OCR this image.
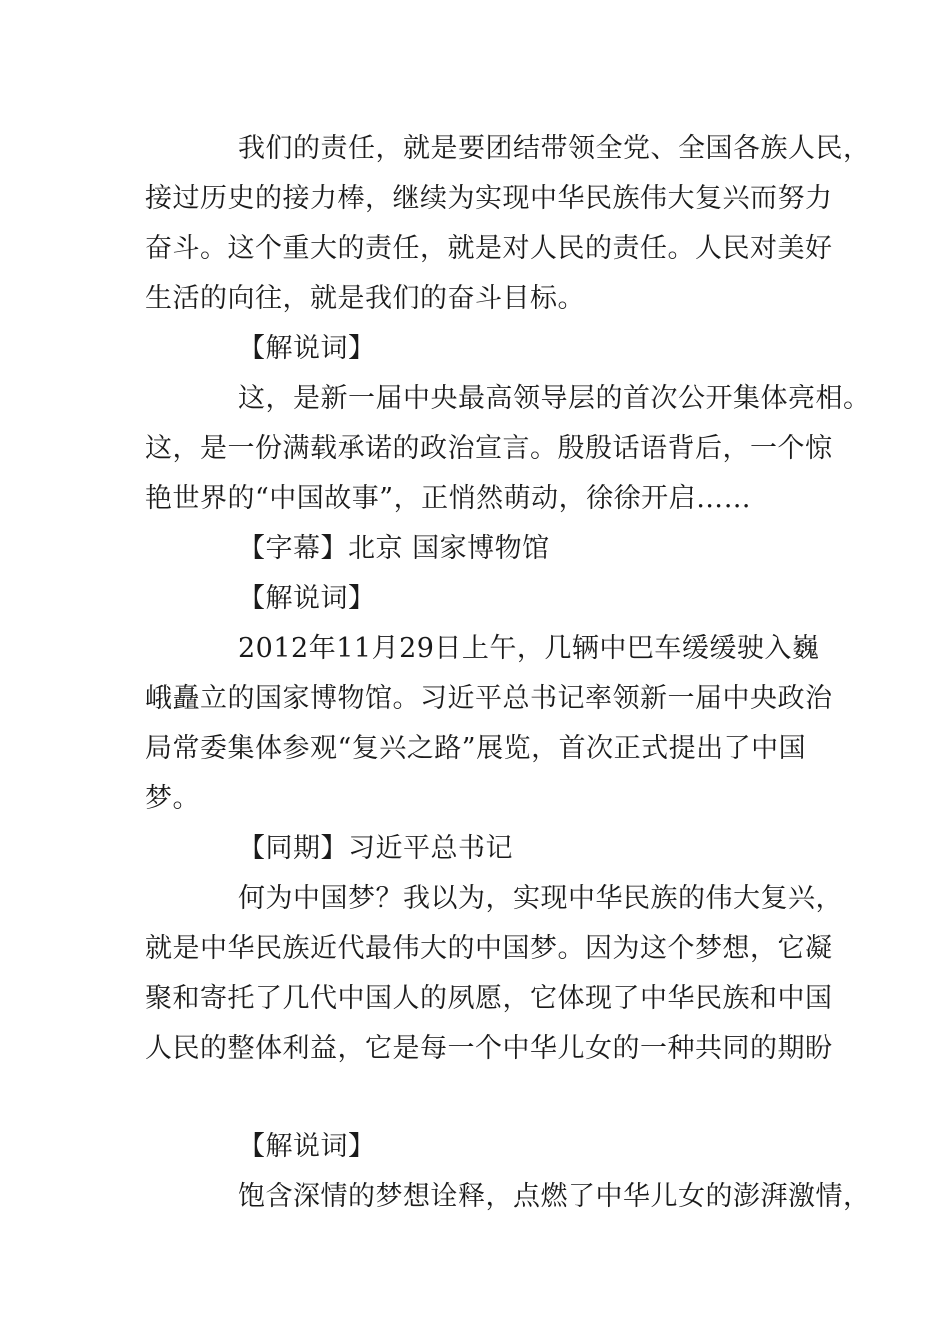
我们的责任，就是要团结带领全党、全国各族人民，
接过历史的接力棒，继续为实现中华民族伟大复兴而努力
奋斗。这个重大的责任，就是对人民的责任。人民对美好
生活的向往，就是我们的奋斗目标。
【解说词】
这，是新一届中央最高领导层的首次公开集体亮相。
这，是一份满载承诺的政治宣言。殷殷话语背后，一个惊
艳世界的“中国故事”，正悄然萌动，徐徐开启……
【字幕】北京 国家博物馆
【解说词】
2012年11月29日上午，几辆中巴车缓缓驶入巍
峨矗立的国家博物馆。习近平总书记率领新一届中央政治
局常委集体参观“复兴之路”展览，首次正式提出了中国
梦。
【同期】习近平总书记
何为中国梦？我以为，实现中华民族的伟大复兴，
就是中华民族近代最伟大的中国梦。因为这个梦想，它凝
聚和寄托了几代中国人的夙愿，它体现了中华民族和中国
人民的整体利益，它是每一个中华儿女的一种共同的期盼
【解说词】
饱含深情的梦想诠释，点燃了中华儿女的澎湃激情，
